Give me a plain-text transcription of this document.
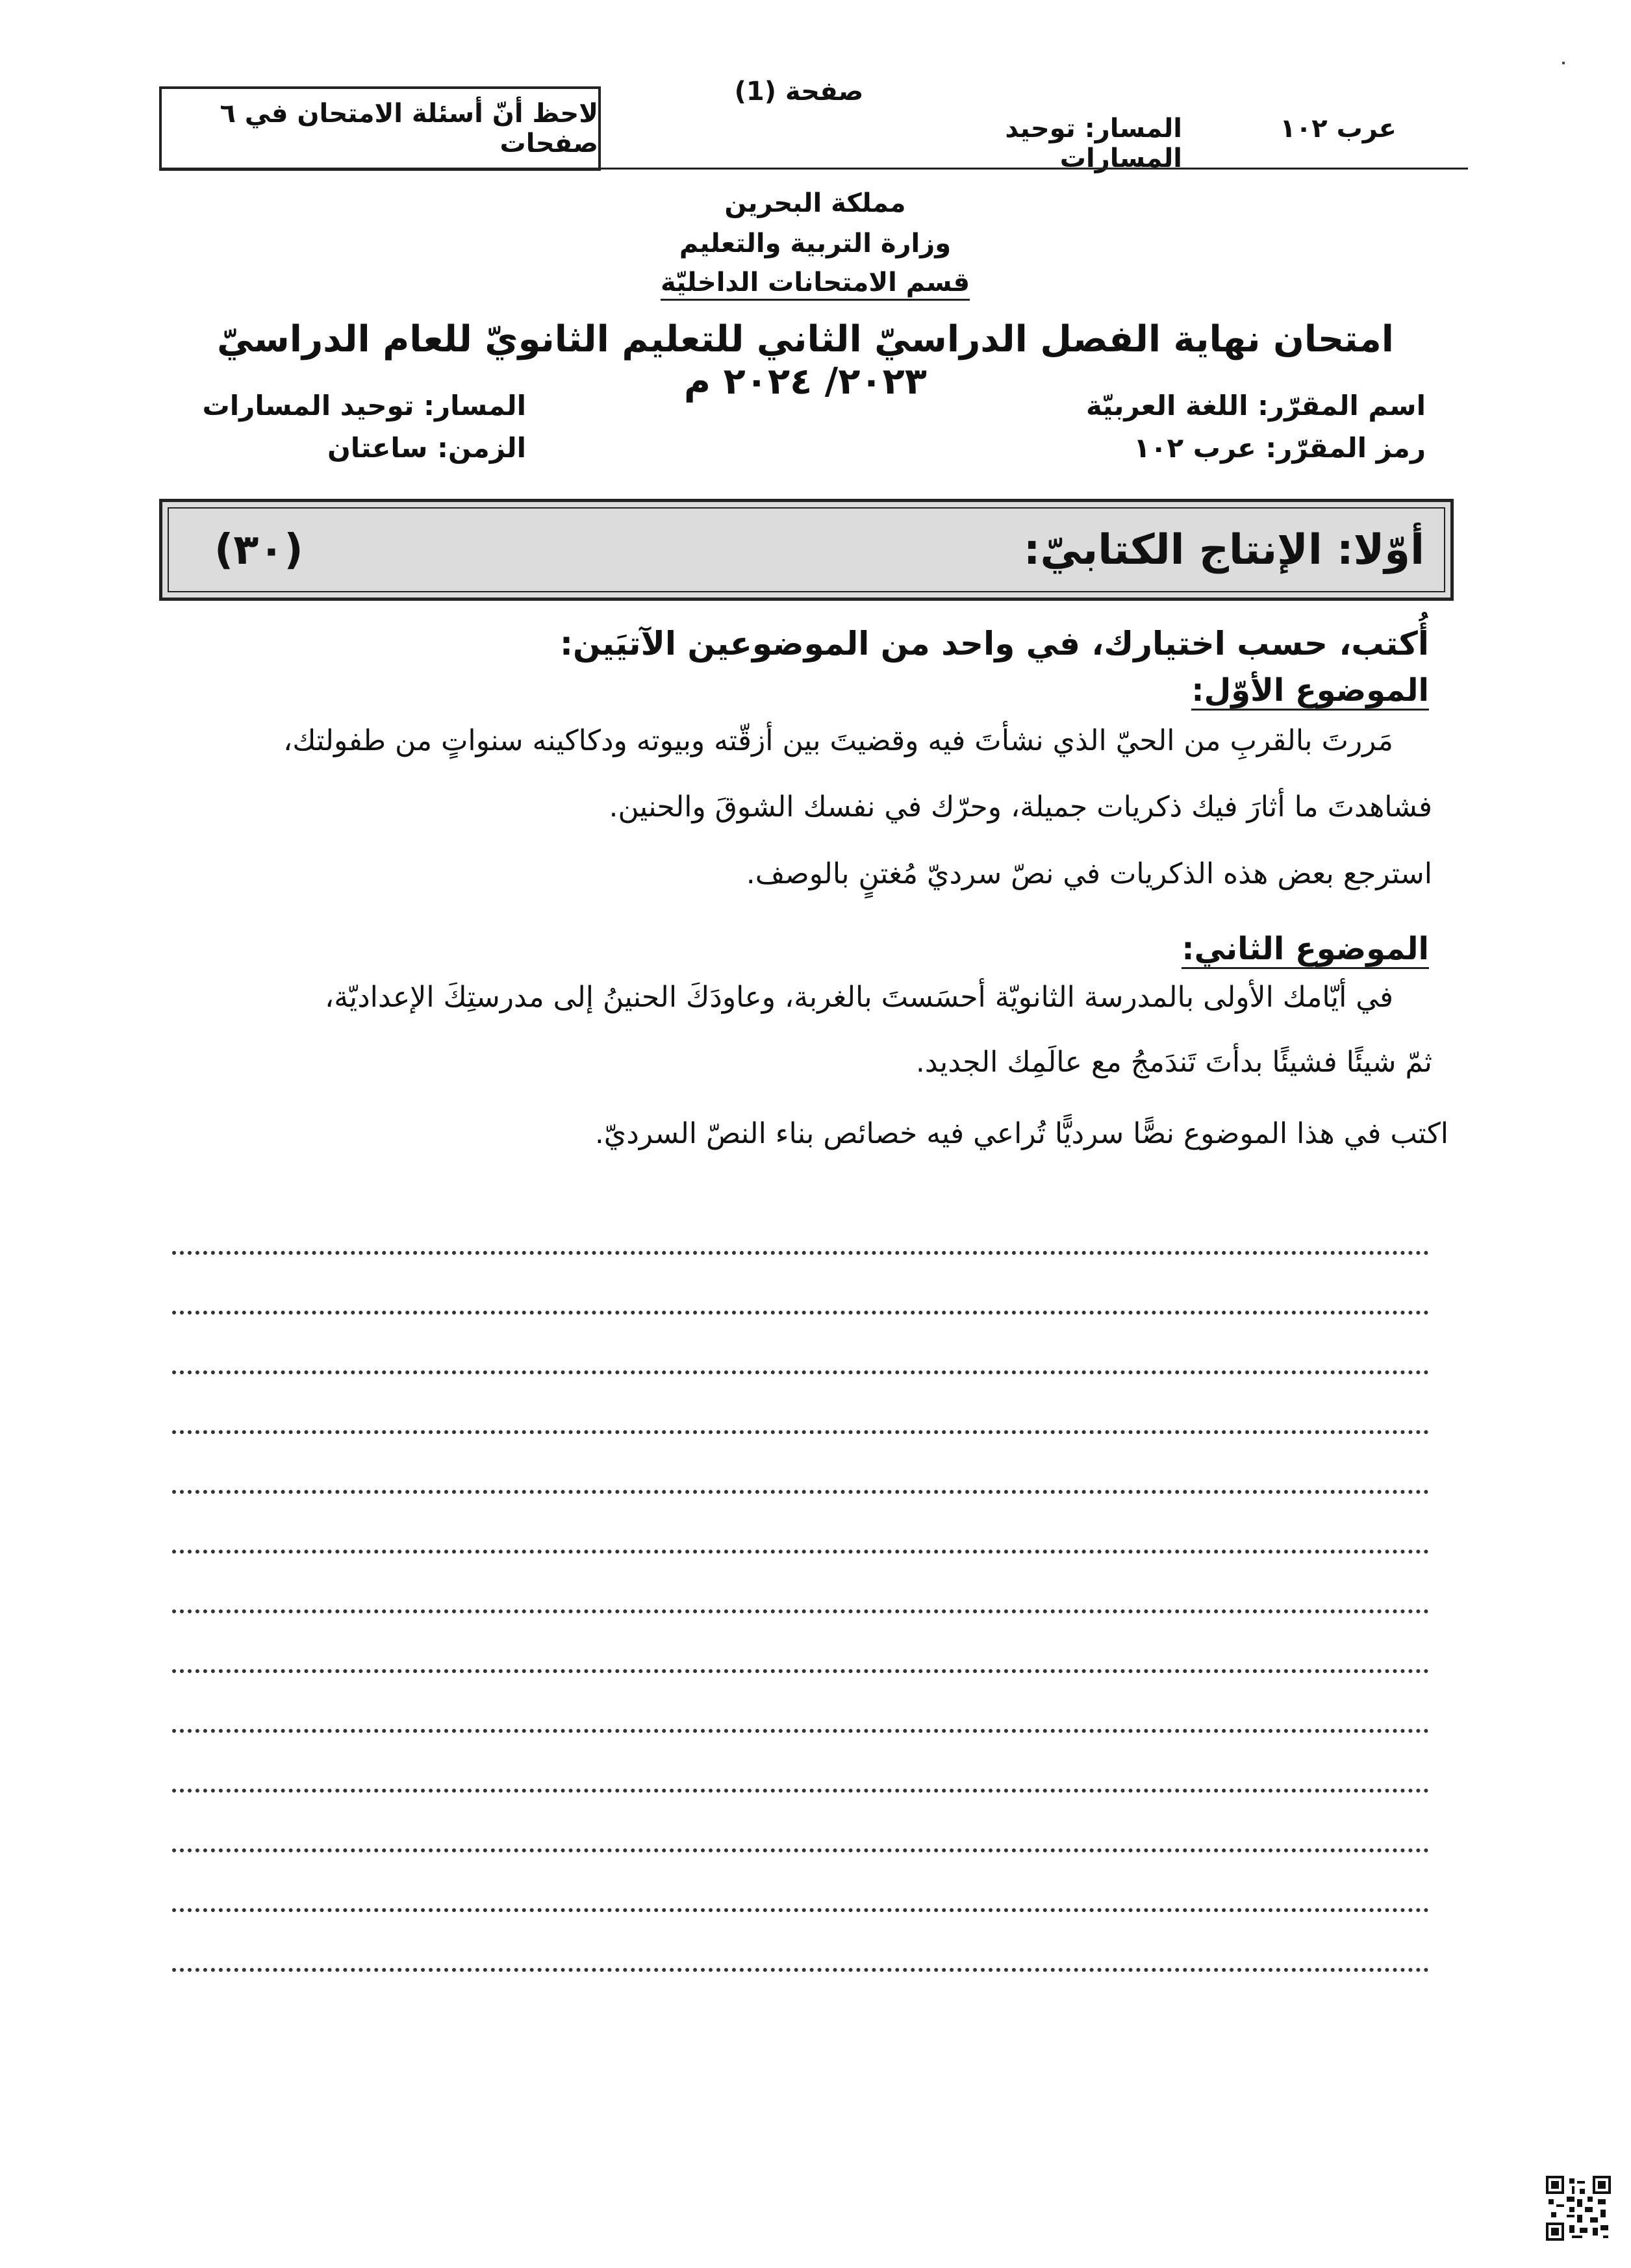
لاحظ أنّ أسئلة الامتحان في ٦ صفحات
صفحة (1)
المسار: توحيد المسارات
عرب ١٠٢
مملكة البحرين
وزارة التربية والتعليم
قسم الامتحانات الداخليّة
امتحان نهاية الفصل الدراسيّ الثاني للتعليم الثانويّ للعام الدراسيّ ٢٠٢٣/ ٢٠٢٤ م
اسم المقرّر: اللغة العربيّة
رمز المقرّر: عرب ١٠٢
المسار: توحيد المسارات
الزمن: ساعتان
أوّلا: الإنتاج الكتابيّ:
(٣٠)
أُكتب، حسب اختيارك، في واحد من الموضوعين الآتيَين:
الموضوع الأوّل:
مَررتَ بالقربِ من الحيّ الذي نشأتَ فيه وقضيتَ بين أزقّته وبيوته ودكاكينه سنواتٍ من طفولتك،
فشاهدتَ ما أثارَ فيك ذكريات جميلة، وحرّك في نفسك الشوقَ والحنين.
استرجع بعض هذه الذكريات في نصّ سرديّ مُغتنٍ بالوصف.
الموضوع الثاني:
في أيّامك الأولى بالمدرسة الثانويّة أحسَستَ بالغربة، وعاودَكَ الحنينُ إلى مدرستِكَ الإعداديّة،
ثمّ شيئًا فشيئًا بدأتَ تَندَمجُ مع عالَمِك الجديد.
اكتب في هذا الموضوع نصًّا سرديًّا تُراعي فيه خصائص بناء النصّ السرديّ.
